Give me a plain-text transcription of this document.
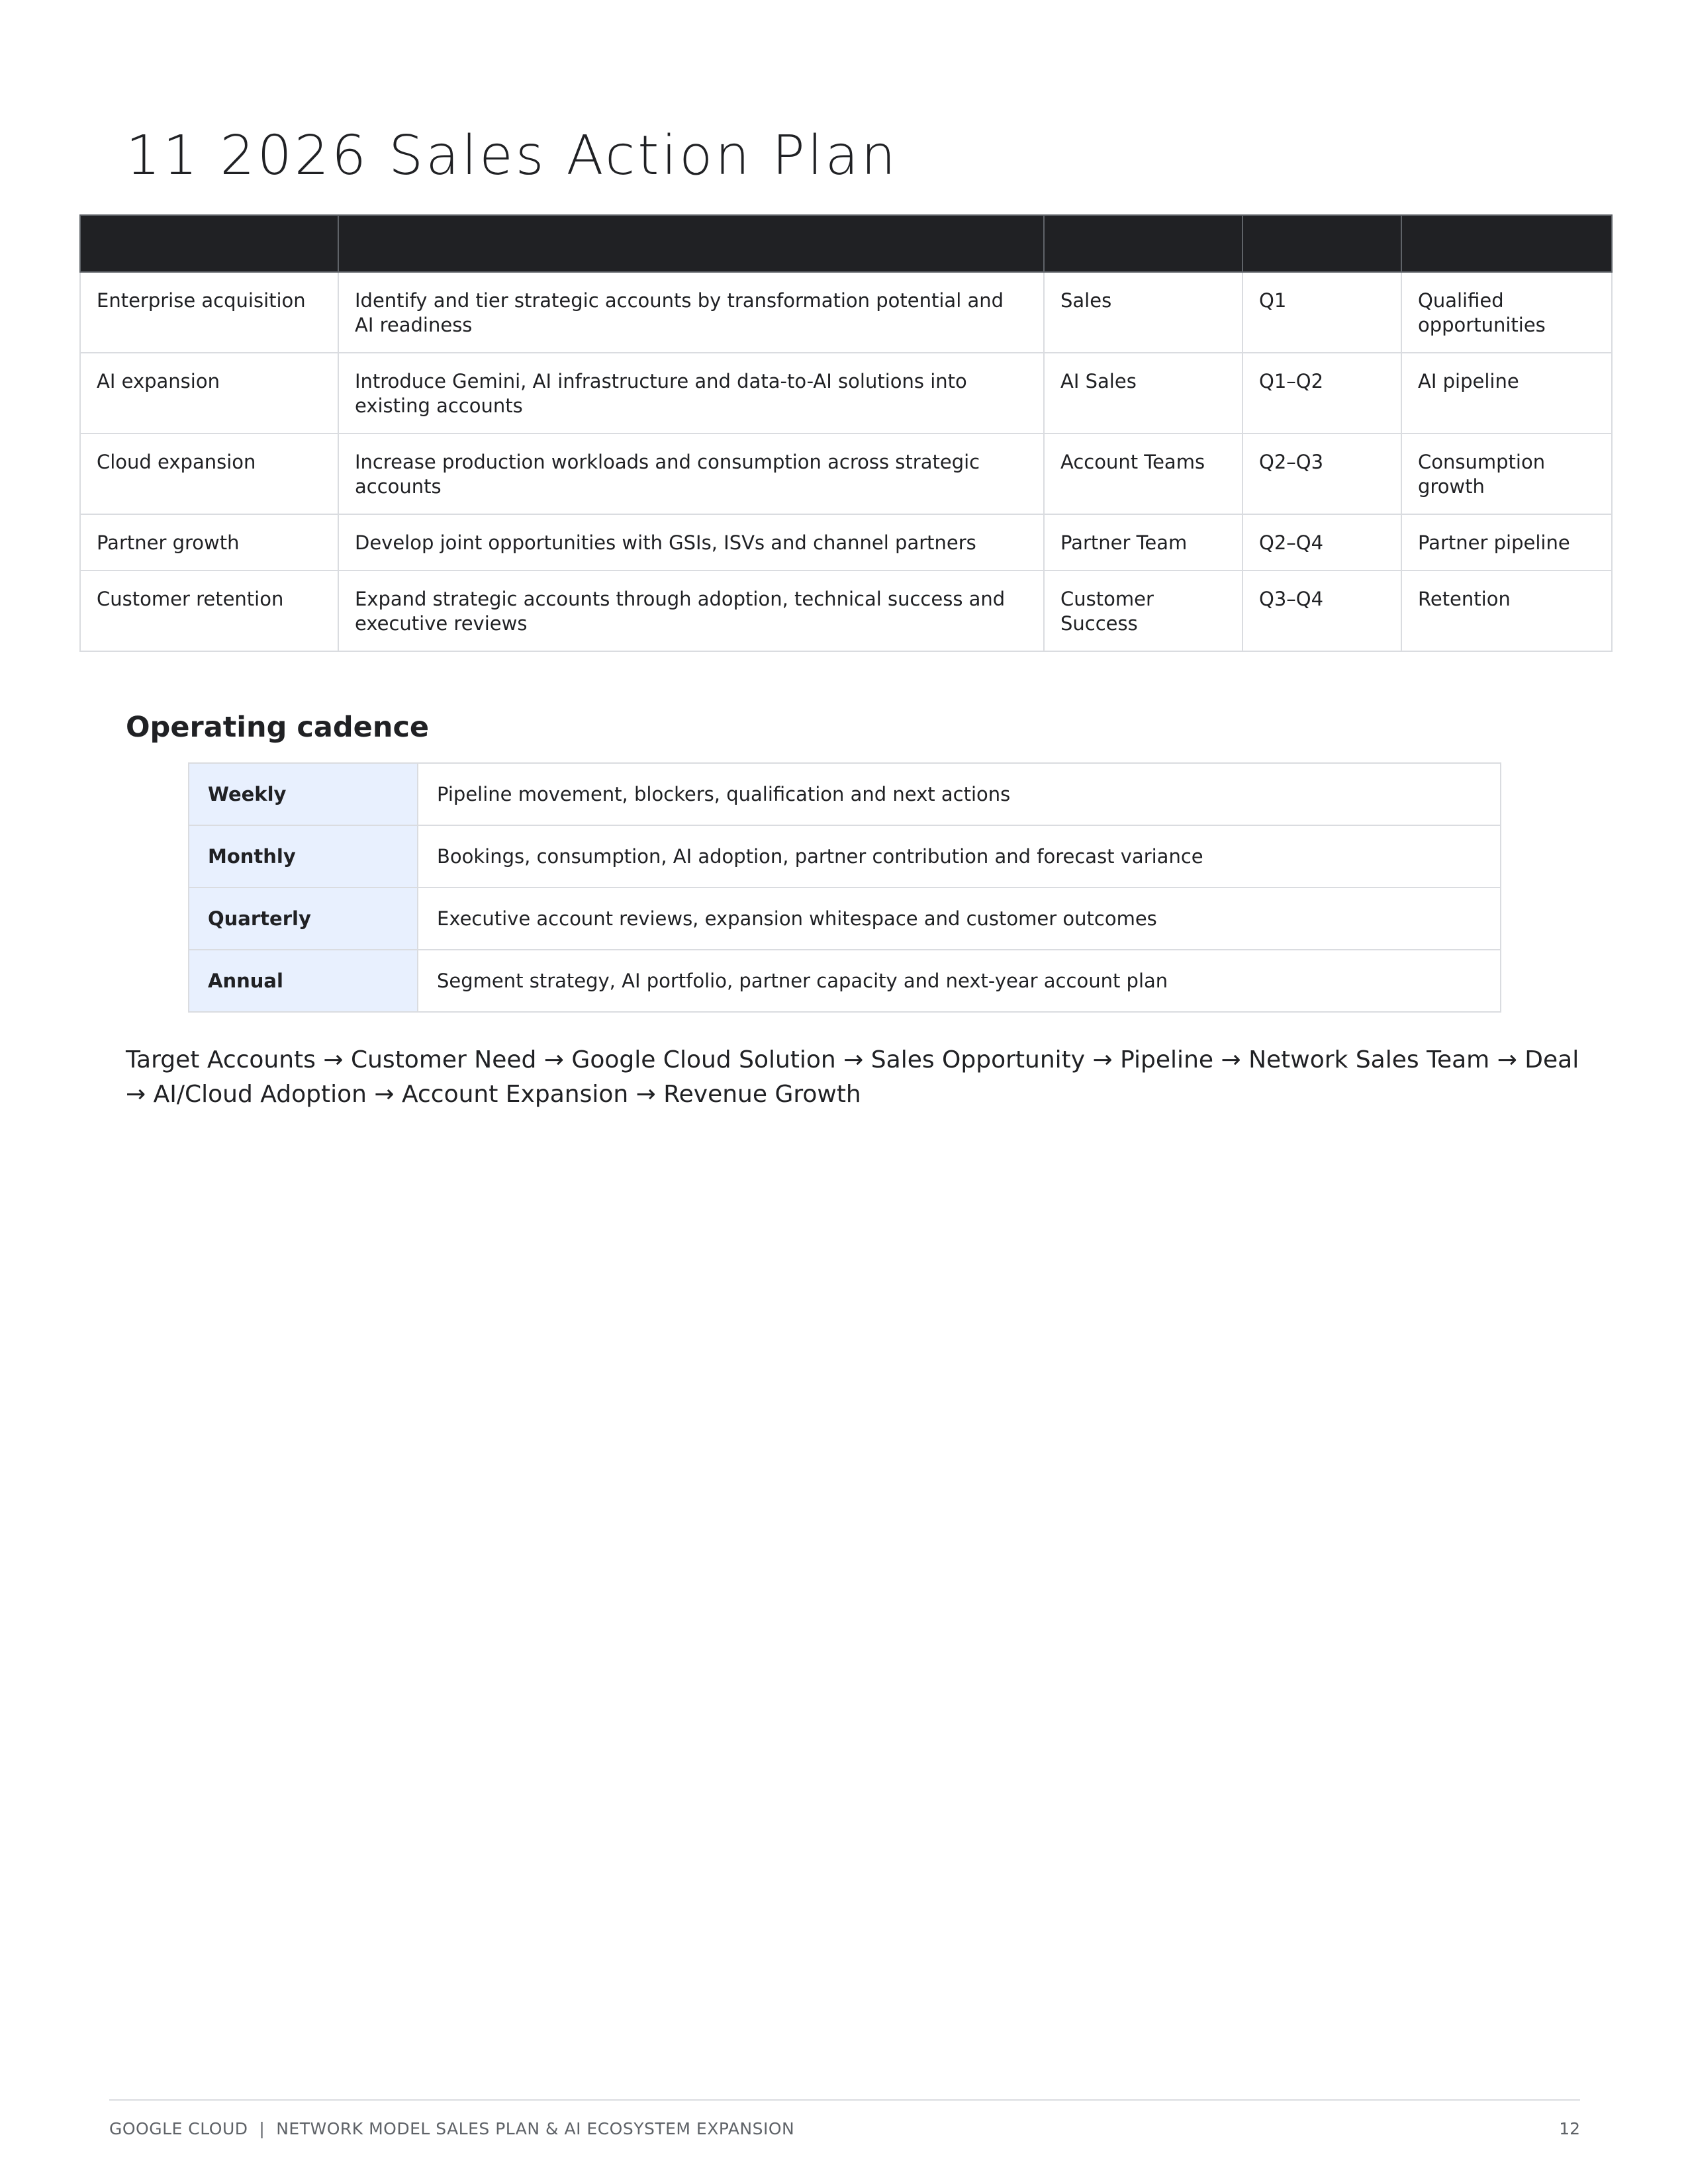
11 2026 Sales Action Plan

Enterprise acquisition	Identify and tier strategic accounts by transformation potential and AI readiness	Sales	Q1	Qualified opportunities
AI expansion	Introduce Gemini, AI infrastructure and data-to-AI solutions into existing accounts	AI Sales	Q1–Q2	AI pipeline
Cloud expansion	Increase production workloads and consumption across strategic accounts	Account Teams	Q2–Q3	Consumption growth
Partner growth	Develop joint opportunities with GSIs, ISVs and channel partners	Partner Team	Q2–Q4	Partner pipeline
Customer retention	Expand strategic accounts through adoption, technical success and executive reviews	Customer Success	Q3–Q4	Retention
Operating cadence
Weekly	Pipeline movement, blockers, qualification and next actions
Monthly	Bookings, consumption, AI adoption, partner contribution and forecast variance
Quarterly	Executive account reviews, expansion whitespace and customer outcomes
Annual	Segment strategy, AI portfolio, partner capacity and next-year account plan

Target Accounts → Customer Need → Google Cloud Solution → Sales Opportunity → Pipeline → Network Sales Team → Deal → AI/Cloud Adoption → Account Expansion → Revenue Growth

GOOGLE CLOUD  |  NETWORK MODEL SALES PLAN & AI ECOSYSTEM EXPANSION	12
